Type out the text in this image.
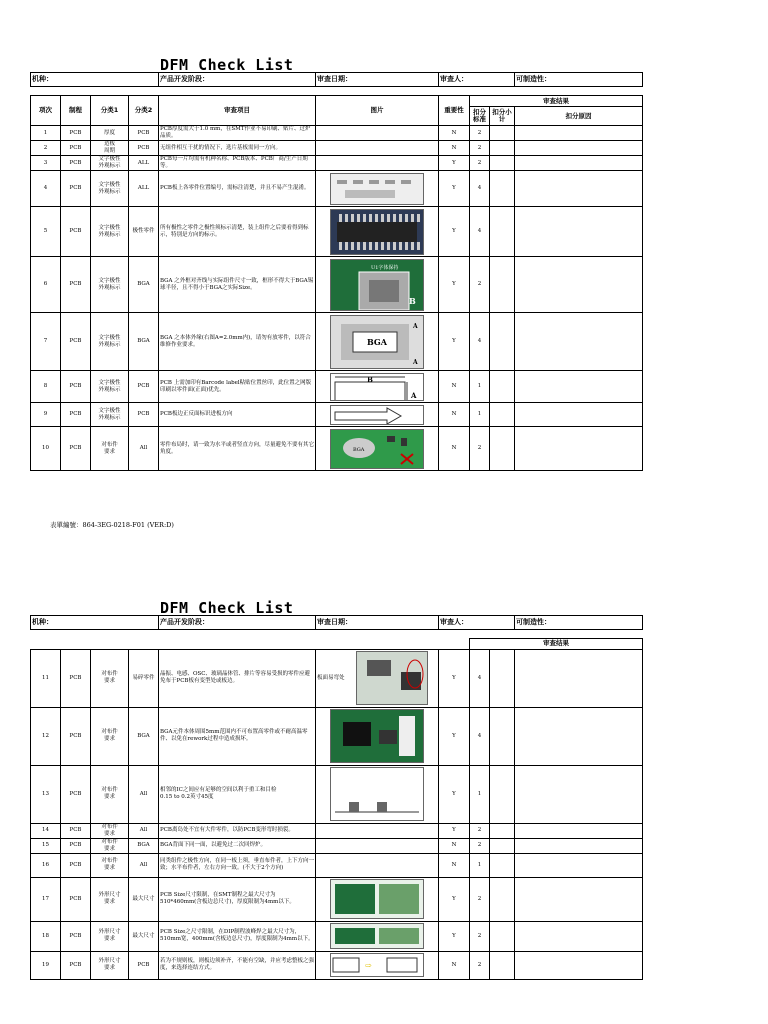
DFM Check List
机种：				产品开发阶段：	审查日期：	审查人：			可制造性：

项次	制程	分类1	分类2	审查项目	图片	重要性	审查结果		
							扣分标准	扣分小计	扣分原因
1	PCB	厚度	PCB	PCB厚度需大于1.0 mm，在SMT作业不易印刷、贴片、过炉品质。		N	2		
2	PCB	造板
周期	PCB	无组件相互干扰的情况下，选片基板需同一方向。		N	2		
3	PCB	文字极性
外观标示	ALL	PCB每一片均需有机种名称、PCB版本、PCB厂商/生产日期等。		Y	2		
4	PCB	文字极性
外观标示	ALL	PCB板上各零件位置编号，需标注清楚，并且不易产生混淆。		Y	4		
5	PCB	文字极性
外观标示	极性零件	所有极性之零件之极性须标示清楚，装上组件之后要看得到标示，特别是方向的标示。		Y	4		
6	PCB	文字极性
外观标示	BGA	BGA 之外框对齐线与实际组件尺寸一致，框形不得大于BGA锡球半径，且不得小于BGA之实际Size。	U1字体保持
B	Y	2		
7	PCB	文字极性
外观标示	BGA	BGA 之本体外缘(右图A=2.0mm内)，请勿有放零件，以符合维修作业要求。	BGA
A
A	Y	4		
8	PCB	文字极性
外观标示	PCB	PCB 上需加印有Barcode label粘贴位置丝印，此位置之网版印刷以零件面(正面)优先。	B
A	N	1		
9	PCB	文字极性
外观标示	PCB	PCB板边正反面标识进板方向		N	1		
10	PCB	对布件
要求	All	零件布局时，请一致为水平或者竖直方向，尽量避免不要有其它角度。	BGA	N	2		
表單編號：864-3EG-0218-F01 (VER:D)
DFM Check List
机种：				产品开发阶段：	审查日期：	审查人：			可制造性：

							审查结果		
11	PCB	对布件
要求	易碎零件	晶振、电感、OSC、玻璃晶体管、排片等容易受损的零件应避免布于PCB板有变型处或板边。	板面易弯处	Y	4		
12	PCB	对布件
要求	BGA	BGA元件本体周围5mm范围内不可布置高零件或不耐高温零件、以免在rework过程中造成损坏。		Y	4		
13	PCB	对布件
要求	All	相邻的IC之间应有足够的空间以利于重工和目检
0.15 to 0.2英寸45度		Y	1		
14	PCB	对布件
要求	All	PCB离岛处不宜有大件零件，以防PCB变形弯时损裂。		Y	2		
15	PCB	对布件
要求	BGA	BGA背面下同一面，以避免过二次回焊炉。		N	2		
16	PCB	对布件
要求	All	同类组件之极性方向，在同一板上须，垂直布件者，上下方向一致；水平布件者，左右方向一致。(不大于2个方向)		N	1		
17	PCB	外形尺寸
要求	最大尺寸	PCB Size尺寸限制，在SMT制程之最大尺寸为510*460mm(含板边总尺寸)，厚度限制为4mm以下。		Y	2		
18	PCB	外形尺寸
要求	最大尺寸	PCB Size之尺寸限制，在DIP制程波峰焊之最大尺寸为，510mm宽，400mm(含板边总尺寸)，厚度限制为4mm以下。		Y	2		
19	PCB	外形尺寸
要求	PCB	若为不规则板，则板边须补齐，不能有空缺，并应考虑整板之强度，来选择连结方式。	⇨	N	2		
